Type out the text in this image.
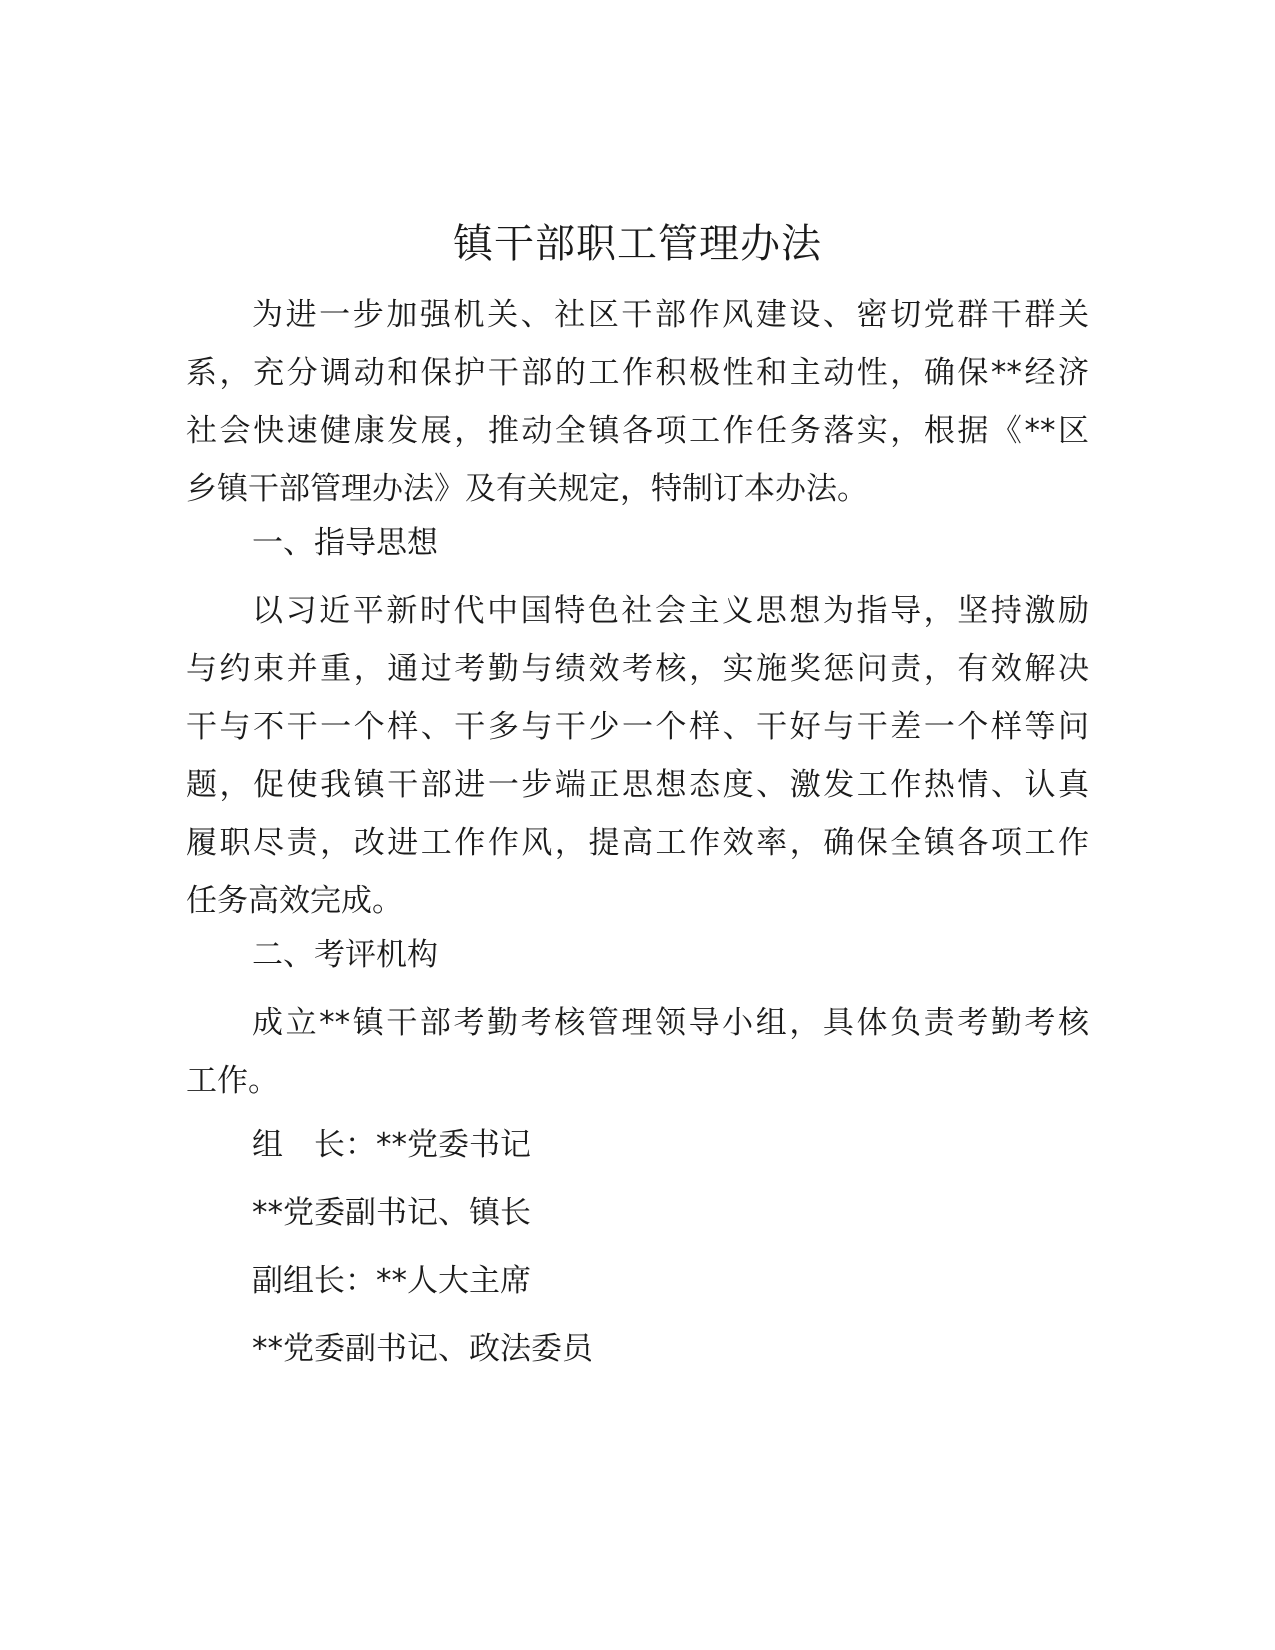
镇干部职工管理办法
为进一步加强机关、社区干部作风建设、密切党群干群关
系，充分调动和保护干部的工作积极性和主动性，确保**经济
社会快速健康发展，推动全镇各项工作任务落实，根据《**区
乡镇干部管理办法》及有关规定，特制订本办法。
一、指导思想
以习近平新时代中国特色社会主义思想为指导，坚持激励
与约束并重，通过考勤与绩效考核，实施奖惩问责，有效解决
干与不干一个样、干多与干少一个样、干好与干差一个样等问
题，促使我镇干部进一步端正思想态度、激发工作热情、认真
履职尽责，改进工作作风，提高工作效率，确保全镇各项工作
任务高效完成。
二、考评机构
成立**镇干部考勤考核管理领导小组，具体负责考勤考核
工作。
组　长：**党委书记
**党委副书记、镇长
副组长：**人大主席
**党委副书记、政法委员
